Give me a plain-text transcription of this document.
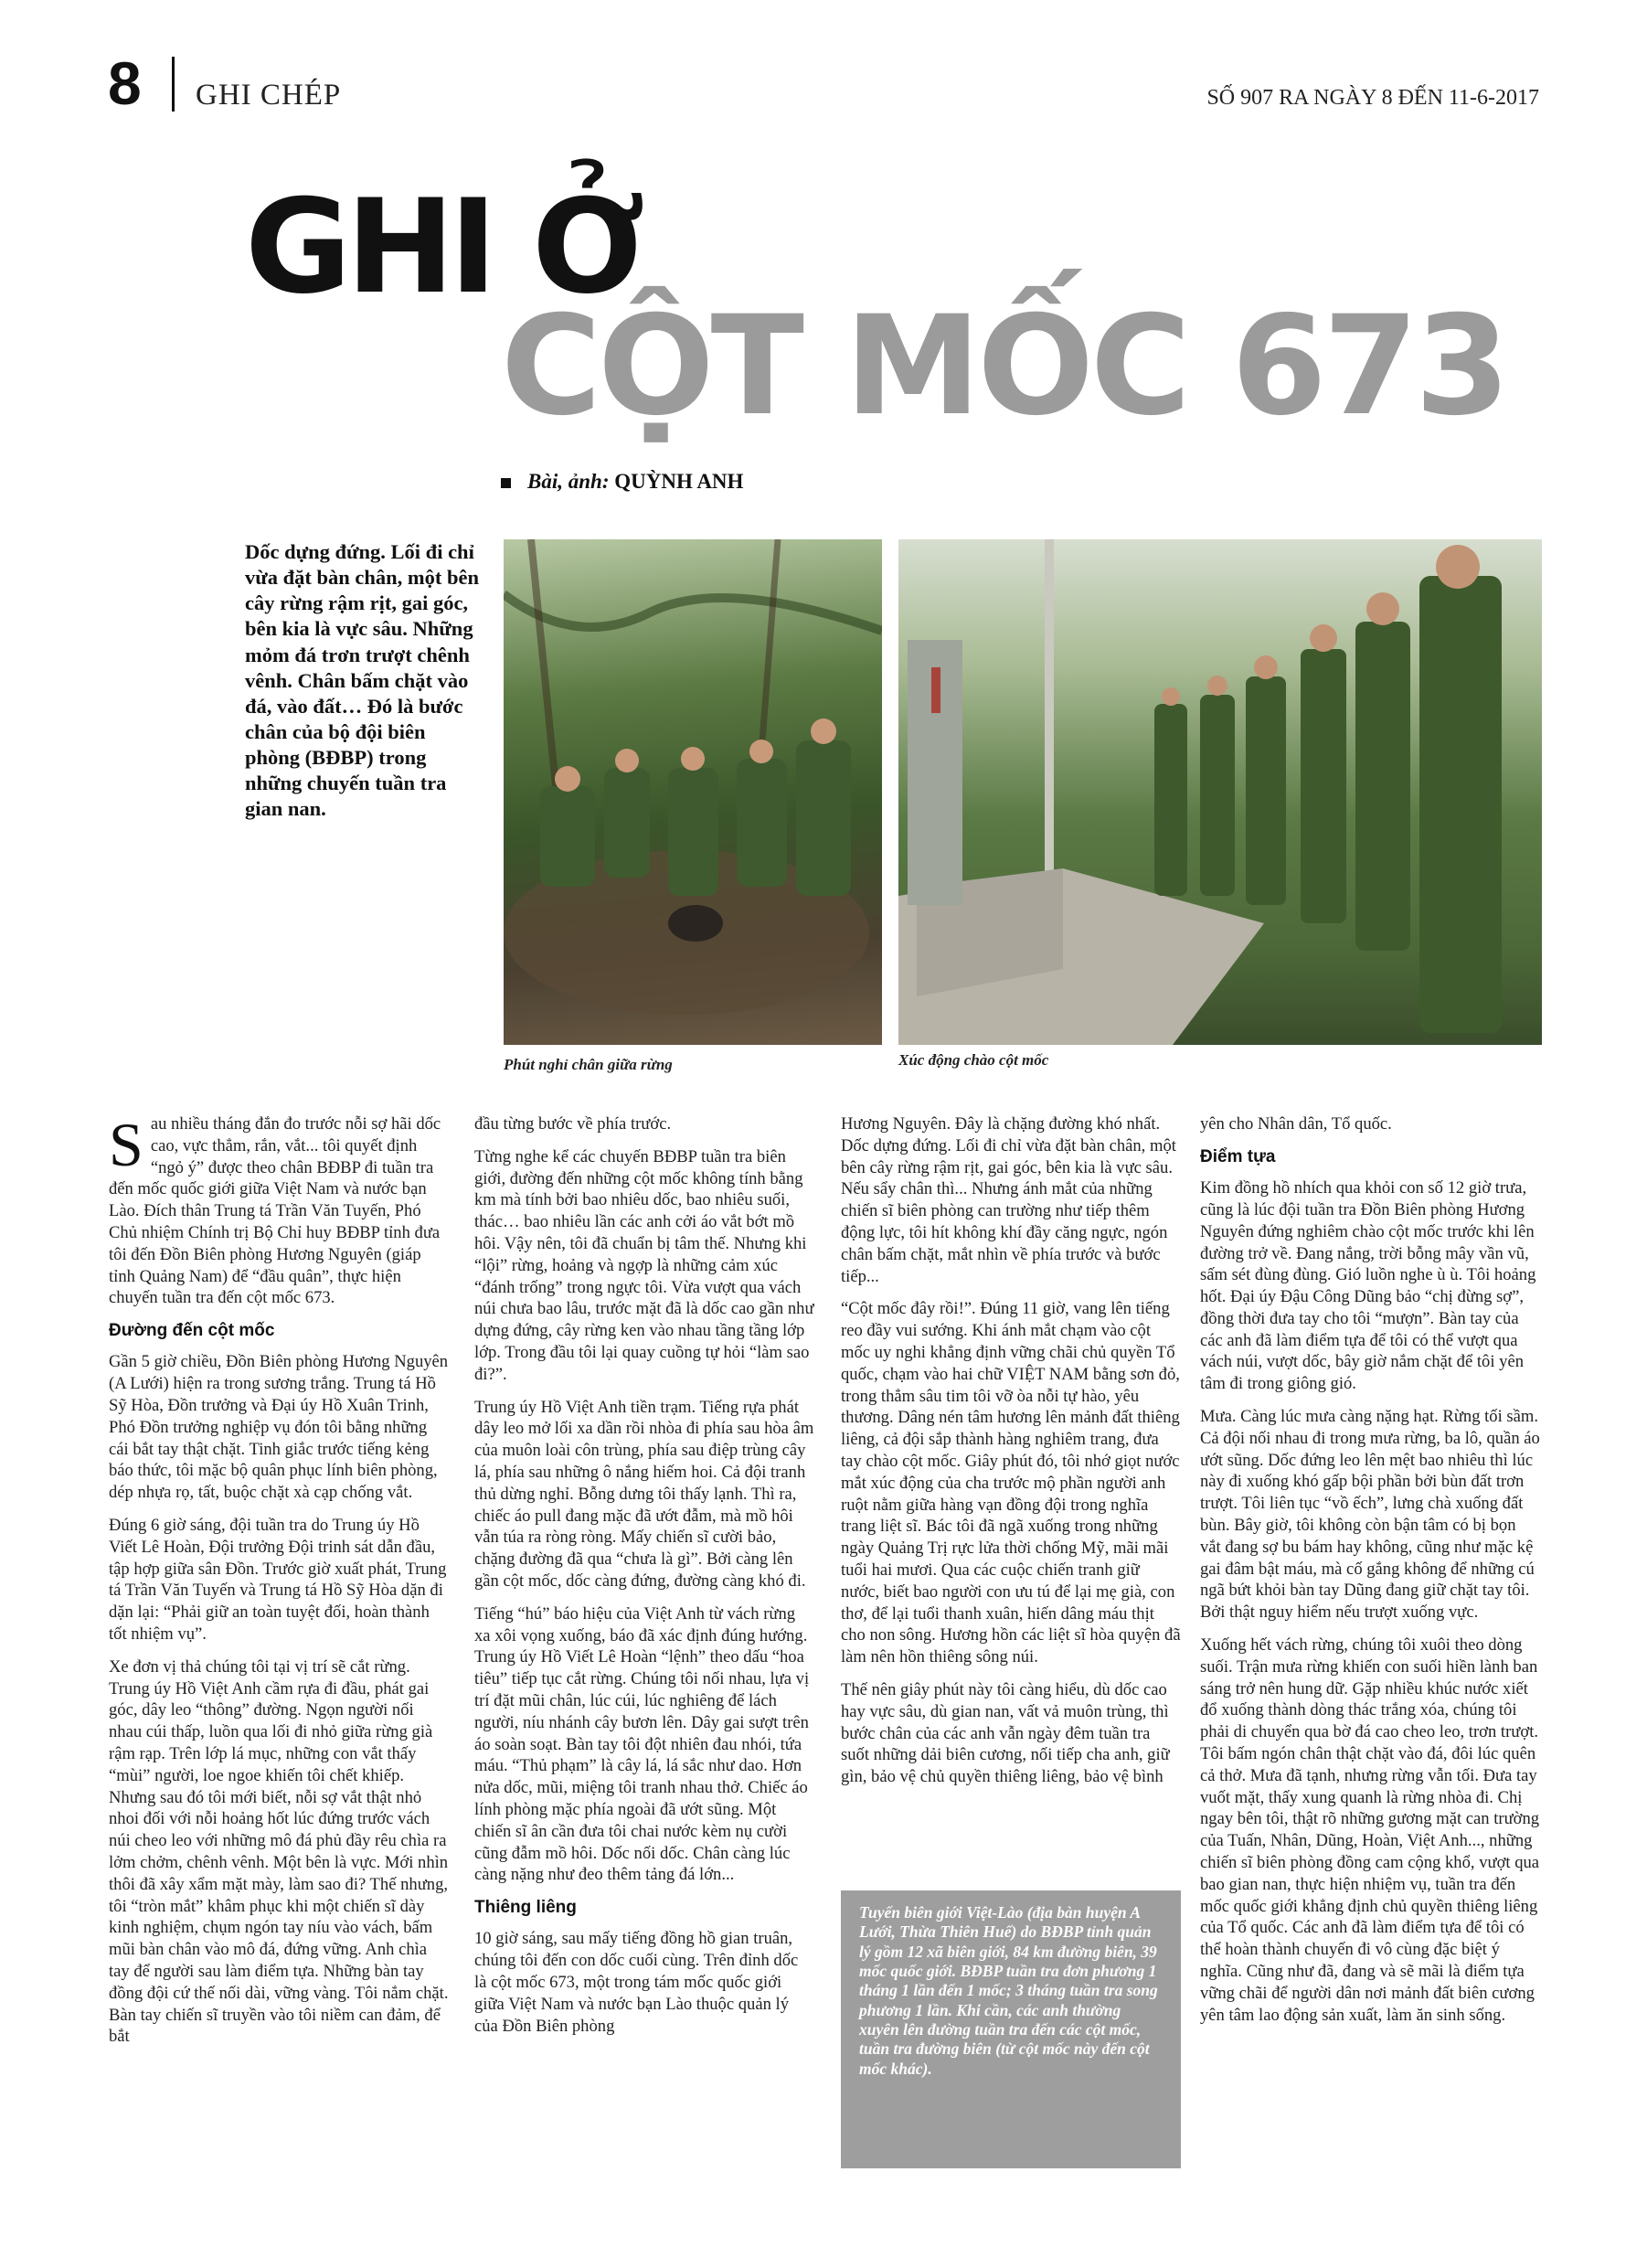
8 GHI CHÉP	SỐ 907 RA NGÀY 8 ĐẾN 11-6-2017
GHI Ở
CỘT MỐC 673
Bài, ảnh: QUỲNH ANH
Dốc dựng đứng. Lối đi chỉ vừa đặt bàn chân, một bên cây rừng rậm rịt, gai góc, bên kia là vực sâu. Những mỏm đá trơn trượt chênh vênh. Chân bấm chặt vào đá, vào đất… Đó là bước chân của bộ đội biên phòng (BĐBP) trong những chuyến tuần tra gian nan.
Phút nghỉ chân giữa rừng	Xúc động chào cột mốc

Sau nhiều tháng đắn đo trước nỗi sợ hãi dốc cao, vực thẳm, rắn, vắt... tôi quyết định “ngỏ ý” được theo chân BĐBP đi tuần tra đến mốc quốc giới giữa Việt Nam và nước bạn Lào. Đích thân Trung tá Trần Văn Tuyến, Phó Chủ nhiệm Chính trị Bộ Chỉ huy BĐBP tỉnh đưa tôi đến Đồn Biên phòng Hương Nguyên (giáp tỉnh Quảng Nam) để “đầu quân”, thực hiện chuyến tuần tra đến cột mốc 673.

Đường đến cột mốc

Gần 5 giờ chiều, Đồn Biên phòng Hương Nguyên (A Lưới) hiện ra trong sương trắng. Trung tá Hồ Sỹ Hòa, Đồn trưởng và Đại úy Hồ Xuân Trinh, Phó Đồn trưởng nghiệp vụ đón tôi bằng những cái bắt tay thật chặt. Tinh giắc trước tiếng kẻng báo thức, tôi mặc bộ quân phục lính biên phòng, dép nhựa rọ, tất, buộc chặt xà cạp chống vắt.

Đúng 6 giờ sáng, đội tuần tra do Trung úy Hồ Viết Lê Hoàn, Đội trưởng Đội trinh sát dẫn đầu, tập hợp giữa sân Đồn. Trước giờ xuất phát, Trung tá Trần Văn Tuyến và Trung tá Hồ Sỹ Hòa dặn đi dặn lại: “Phải giữ an toàn tuyệt đối, hoàn thành tốt nhiệm vụ”.

Xe đơn vị thả chúng tôi tại vị trí sẽ cắt rừng. Trung úy Hồ Việt Anh cầm rựa đi đầu, phát gai góc, dây leo “thông” đường. Ngọn người nối nhau cúi thấp, luồn qua lối đi nhỏ giữa rừng già rậm rạp. Trên lớp lá mục, những con vắt thấy “mùi” người, loe ngoe khiến tôi chết khiếp. Nhưng sau đó tôi mới biết, nỗi sợ vắt thật nhỏ nhoi đối với nỗi hoảng hốt lúc đứng trước vách núi cheo leo với những mô đá phủ đầy rêu chìa ra lởm chởm, chênh vênh. Một bên là vực. Mới nhìn thôi đã xây xẩm mặt mày, làm sao đi? Thế nhưng, tôi “tròn mắt” khâm phục khi một chiến sĩ dày kinh nghiệm, chụm ngón tay níu vào vách, bấm mũi bàn chân vào mô đá, đứng vững. Anh chìa tay để người sau làm điểm tựa. Những bàn tay đồng đội cứ thế nối dài, vững vàng. Tôi nắm chặt. Bàn tay chiến sĩ truyền vào tôi niềm can đảm, để bắt

đầu từng bước về phía trước.

Từng nghe kể các chuyến BĐBP tuần tra biên giới, đường đến những cột mốc không tính bằng km mà tính bởi bao nhiêu dốc, bao nhiêu suối, thác… bao nhiêu lần các anh cởi áo vắt bớt mồ hôi. Vậy nên, tôi đã chuẩn bị tâm thế. Nhưng khi “lội” rừng, hoảng và ngợp là những cảm xúc “đánh trống” trong ngực tôi. Vừa vượt qua vách núi chưa bao lâu, trước mặt đã là dốc cao gần như dựng đứng, cây rừng ken vào nhau tầng tầng lớp lớp. Trong đầu tôi lại quay cuồng tự hỏi “làm sao đi?”.

Trung úy Hồ Việt Anh tiền trạm. Tiếng rựa phát dây leo mở lối xa dần rồi nhòa đi phía sau hòa âm của muôn loài côn trùng, phía sau điệp trùng cây lá, phía sau những ô nắng hiếm hoi. Cả đội tranh thủ dừng nghỉ. Bỗng dưng tôi thấy lạnh. Thì ra, chiếc áo pull đang mặc đã ướt đẫm, mà mồ hôi vẫn túa ra ròng ròng. Mấy chiến sĩ cười bảo, chặng đường đã qua “chưa là gì”. Bởi càng lên gần cột mốc, dốc càng đứng, đường càng khó đi.

Tiếng “hú” báo hiệu của Việt Anh từ vách rừng xa xôi vọng xuống, báo đã xác định đúng hướng. Trung úy Hồ Viết Lê Hoàn “lệnh” theo dấu “hoa tiêu” tiếp tục cắt rừng. Chúng tôi nối nhau, lựa vị trí đặt mũi chân, lúc cúi, lúc nghiêng để lách người, níu nhánh cây bươn lên. Dây gai sượt trên áo soàn soạt. Bàn tay tôi đột nhiên đau nhói, tứa máu. “Thủ phạm” là cây lá, lá sắc như dao. Hơn nửa dốc, mũi, miệng tôi tranh nhau thở. Chiếc áo lính phòng mặc phía ngoài đã ướt sũng. Một chiến sĩ ân cần đưa tôi chai nước kèm nụ cười cũng đẫm mồ hôi. Dốc nối dốc. Chân càng lúc càng nặng như đeo thêm tảng đá lớn...

Thiêng liêng

10 giờ sáng, sau mấy tiếng đồng hồ gian truân, chúng tôi đến con dốc cuối cùng. Trên đỉnh dốc là cột mốc 673, một trong tám mốc quốc giới giữa Việt Nam và nước bạn Lào thuộc quản lý của Đồn Biên phòng

Hương Nguyên. Đây là chặng đường khó nhất. Dốc dựng đứng. Lối đi chỉ vừa đặt bàn chân, một bên cây rừng rậm rịt, gai góc, bên kia là vực sâu. Nếu sẩy chân thì... Nhưng ánh mắt của những chiến sĩ biên phòng can trường như tiếp thêm động lực, tôi hít không khí đầy căng ngực, ngón chân bấm chặt, mắt nhìn về phía trước và bước tiếp...

“Cột mốc đây rồi!”. Đúng 11 giờ, vang lên tiếng reo đầy vui sướng. Khi ánh mắt chạm vào cột mốc uy nghi khẳng định vững chãi chủ quyền Tổ quốc, chạm vào hai chữ VIỆT NAM bằng sơn đỏ, trong thẳm sâu tim tôi vỡ òa nỗi tự hào, yêu thương. Dâng nén tâm hương lên mảnh đất thiêng liêng, cả đội sắp thành hàng nghiêm trang, đưa tay chào cột mốc. Giây phút đó, tôi nhớ giọt nước mắt xúc động của cha trước mộ phần người anh ruột nằm giữa hàng vạn đồng đội trong nghĩa trang liệt sĩ. Bác tôi đã ngã xuống trong những ngày Quảng Trị rực lửa thời chống Mỹ, mãi mãi tuổi hai mươi. Qua các cuộc chiến tranh giữ nước, biết bao người con ưu tú để lại mẹ già, con thơ, để lại tuổi thanh xuân, hiến dâng máu thịt cho non sông. Hương hồn các liệt sĩ hòa quyện đã làm nên hồn thiêng sông núi.

Thế nên giây phút này tôi càng hiểu, dù dốc cao hay vực sâu, dù gian nan, vất vả muôn trùng, thì bước chân của các anh vẫn ngày đêm tuần tra suốt những dải biên cương, nối tiếp cha anh, giữ gìn, bảo vệ chủ quyền thiêng liêng, bảo vệ bình

Tuyến biên giới Việt-Lào (địa bàn huyện A Lưới, Thừa Thiên Huế) do BĐBP tỉnh quản lý gồm 12 xã biên giới, 84 km đường biên, 39 mốc quốc giới. BĐBP tuần tra đơn phương 1 tháng 1 lần đến 1 mốc; 3 tháng tuần tra song phương 1 lần. Khi cần, các anh thường xuyên lên đường tuần tra đến các cột mốc, tuần tra đường biên (từ cột mốc này đến cột mốc khác).

yên cho Nhân dân, Tổ quốc.

Điểm tựa

Kim đồng hồ nhích qua khỏi con số 12 giờ trưa, cũng là lúc đội tuần tra Đồn Biên phòng Hương Nguyên đứng nghiêm chào cột mốc trước khi lên đường trở về. Đang nắng, trời bỗng mây vần vũ, sấm sét đùng đùng. Gió luồn nghe ù ù. Tôi hoảng hốt. Đại úy Đậu Công Dũng bảo “chị đừng sợ”, đồng thời đưa tay cho tôi “mượn”. Bàn tay của các anh đã làm điểm tựa để tôi có thể vượt qua vách núi, vượt dốc, bây giờ nắm chặt để tôi yên tâm đi trong giông gió.

Mưa. Càng lúc mưa càng nặng hạt. Rừng tối sầm. Cả đội nối nhau đi trong mưa rừng, ba lô, quần áo ướt sũng. Dốc đứng leo lên mệt bao nhiêu thì lúc này đi xuống khó gấp bội phần bởi bùn đất trơn trượt. Tôi liên tục “vồ ếch”, lưng chà xuống đất bùn. Bây giờ, tôi không còn bận tâm có bị bọn vắt đang sợ bu bám hay không, cũng như mặc kệ gai đâm bật máu, mà cố gắng không để những cú ngã bứt khỏi bàn tay Dũng đang giữ chặt tay tôi. Bởi thật nguy hiểm nếu trượt xuống vực.

Xuống hết vách rừng, chúng tôi xuôi theo dòng suối. Trận mưa rừng khiến con suối hiền lành ban sáng trở nên hung dữ. Gặp nhiều khúc nước xiết đổ xuống thành dòng thác trắng xóa, chúng tôi phải di chuyển qua bờ đá cao cheo leo, trơn trượt. Tôi bấm ngón chân thật chặt vào đá, đôi lúc quên cả thở. Mưa đã tạnh, nhưng rừng vẫn tối. Đưa tay vuốt mặt, thấy xung quanh là rừng nhòa đi. Chị ngay bên tôi, thật rõ những gương mặt can trường của Tuấn, Nhân, Dũng, Hoàn, Việt Anh..., những chiến sĩ biên phòng đồng cam cộng khổ, vượt qua bao gian nan, thực hiện nhiệm vụ, tuần tra đến mốc quốc giới khẳng định chủ quyền thiêng liêng của Tổ quốc. Các anh đã làm điểm tựa để tôi có thể hoàn thành chuyến đi vô cùng đặc biệt ý nghĩa. Cũng như đã, đang và sẽ mãi là điểm tựa vững chãi để người dân nơi mảnh đất biên cương yên tâm lao động sản xuất, làm ăn sinh sống.
